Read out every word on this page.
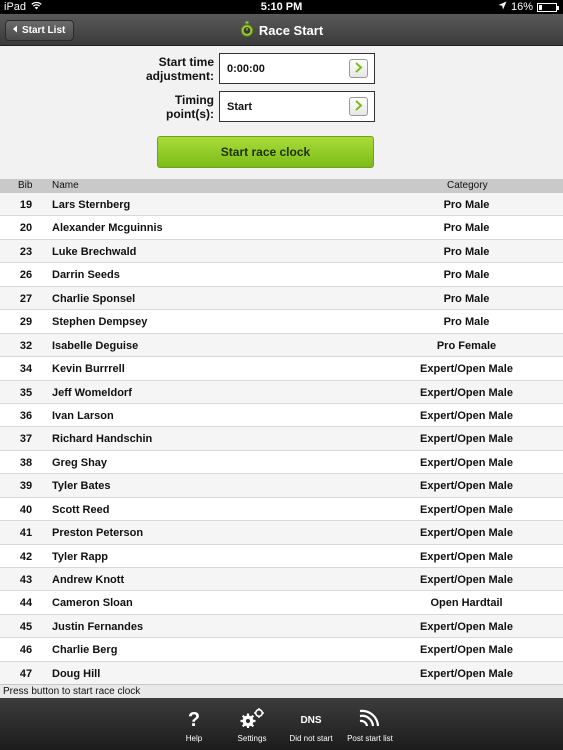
iPad	5:10 PM	16%
Start List	Race Start
Start time
adjustment:
0:00:00
Timing
point(s):
Start
Start race clock
Bib Name	Category
19	Lars Sternberg	Pro Male
20	Alexander Mcguinnis	Pro Male
23	Luke Brechwald	Pro Male
26	Darrin Seeds	Pro Male
27	Charlie Sponsel	Pro Male
29	Stephen Dempsey	Pro Male
32	Isabelle Deguise	Pro Female
34	Kevin Burrrell	Expert/Open Male
35	Jeff Womeldorf	Expert/Open Male
36	Ivan Larson	Expert/Open Male
37	Richard Handschin	Expert/Open Male
38	Greg Shay	Expert/Open Male
39	Tyler Bates	Expert/Open Male
40	Scott Reed	Expert/Open Male
41	Preston Peterson	Expert/Open Male
42	Tyler Rapp	Expert/Open Male
43	Andrew Knott	Expert/Open Male
44	Cameron Sloan	Open Hardtail
45	Justin Fernandes	Expert/Open Male
46	Charlie Berg	Expert/Open Male
47	Doug Hill	Expert/Open Male
Press button to start race clock
?
Help	Settings
DNS
Did not start	Post start list
